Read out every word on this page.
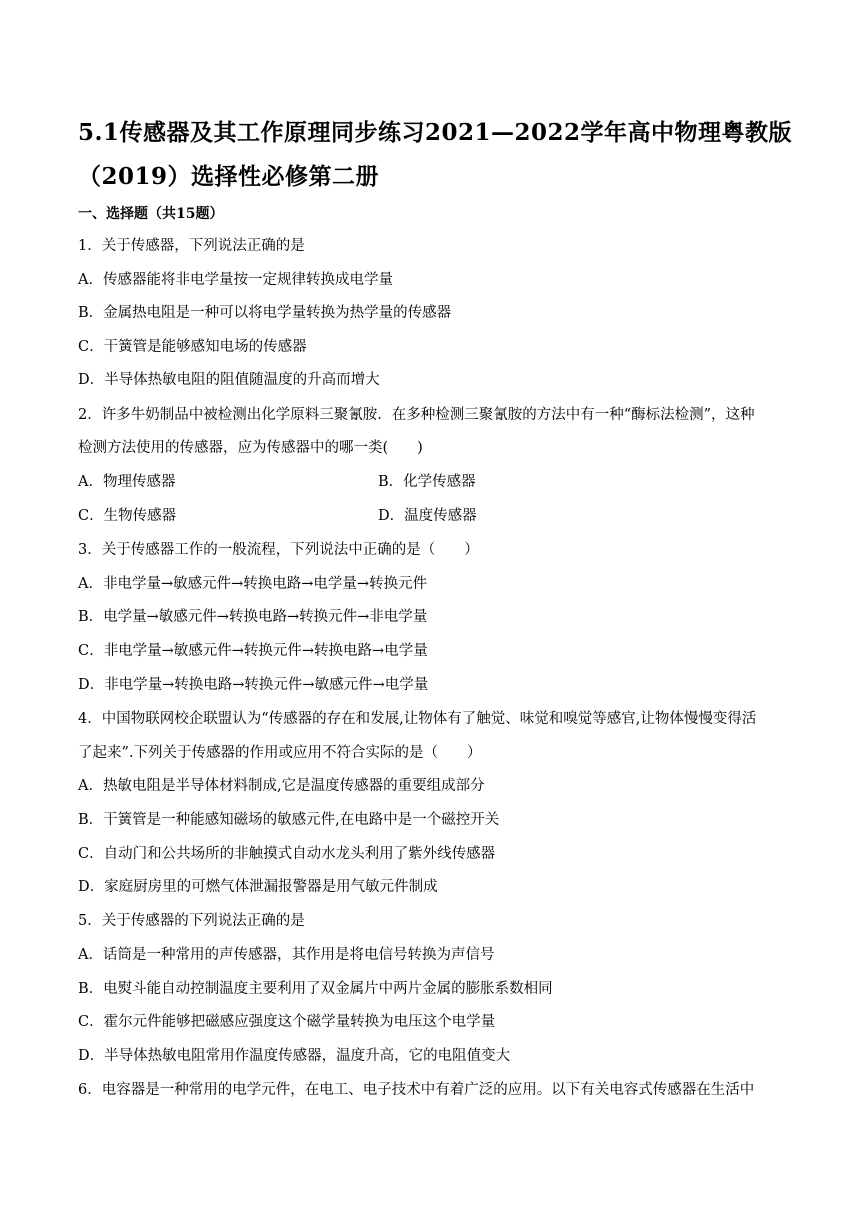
5.1传感器及其工作原理同步练习2021—2022学年高中物理粤教版
（2019）选择性必修第二册
一、选择题（共15题）
1．关于传感器，下列说法正确的是
A．传感器能将非电学量按一定规律转换成电学量
B．金属热电阻是一种可以将电学量转换为热学量的传感器
C．干簧管是能够感知电场的传感器
D．半导体热敏电阻的阻值随温度的升高而增大
2．许多牛奶制品中被检测出化学原料三聚氰胺．在多种检测三聚氰胺的方法中有一种“酶标法检测”，这种
检测方法使用的传感器，应为传感器中的哪一类(　　)
A．物理传感器	B．化学传感器
C．生物传感器	D．温度传感器
3．关于传感器工作的一般流程，下列说法中正确的是（　　）
A．非电学量→敏感元件→转换电路→电学量→转换元件
B．电学量→敏感元件→转换电路→转换元件→非电学量
C．非电学量→敏感元件→转换元件→转换电路→电学量
D．非电学量→转换电路→转换元件→敏感元件→电学量
4．中国物联网校企联盟认为“传感器的存在和发展,让物体有了触觉、味觉和嗅觉等感官,让物体慢慢变得活
了起来”.下列关于传感器的作用或应用不符合实际的是（　　）
A．热敏电阻是半导体材料制成,它是温度传感器的重要组成部分
B．干簧管是一种能感知磁场的敏感元件,在电路中是一个磁控开关
C．自动门和公共场所的非触摸式自动水龙头利用了紫外线传感器
D．家庭厨房里的可燃气体泄漏报警器是用气敏元件制成
5．关于传感器的下列说法正确的是
A．话筒是一种常用的声传感器，其作用是将电信号转换为声信号
B．电熨斗能自动控制温度主要利用了双金属片中两片金属的膨胀系数相同
C．霍尔元件能够把磁感应强度这个磁学量转换为电压这个电学量
D．半导体热敏电阻常用作温度传感器，温度升高，它的电阻值变大
6．电容器是一种常用的电学元件，在电工、电子技术中有着广泛的应用。以下有关电容式传感器在生活中
